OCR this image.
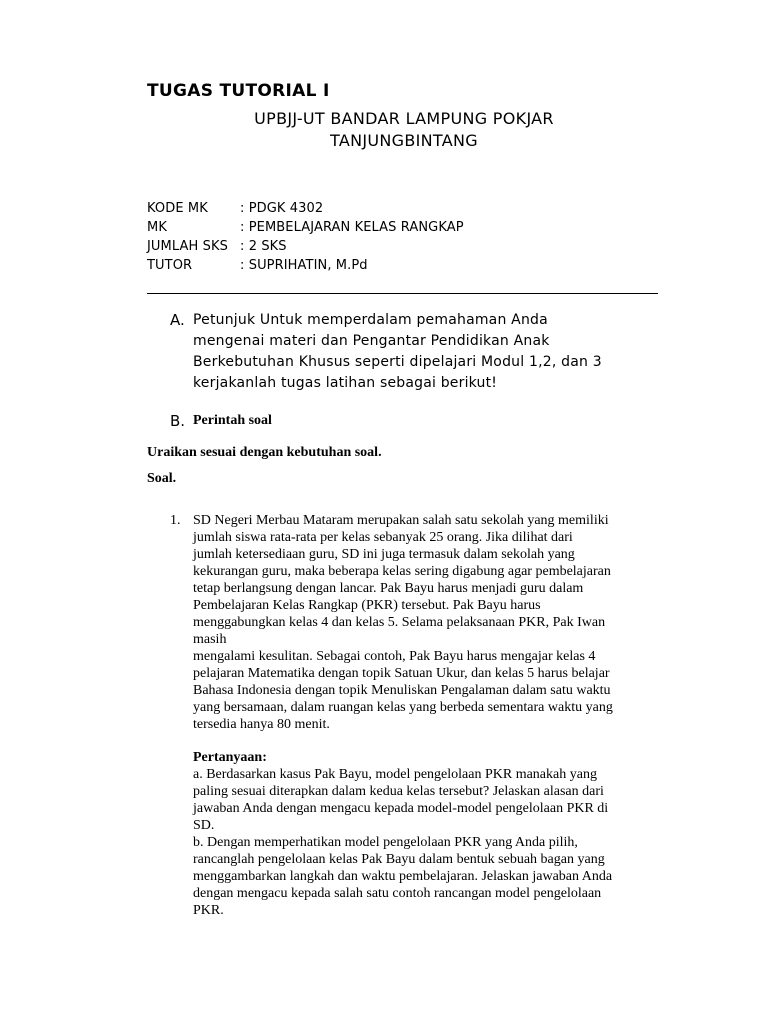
TUGAS TUTORIAL I
UPBJJ-UT BANDAR LAMPUNG POKJAR
TANJUNGBINTANG
KODE MK : PDGK 4302
MK	: PEMBELAJARAN KELAS RANGKAP
JUMLAH SKS : 2 SKS
TUTOR	: SUPRIHATIN, M.Pd
A. Petunjuk Untuk memperdalam pemahaman Anda
mengenai materi dan Pengantar Pendidikan Anak
Berkebutuhan Khusus seperti dipelajari Modul 1,2, dan 3
kerjakanlah tugas latihan sebagai berikut!
B. Perintah soal
Uraikan sesuai dengan kebutuhan soal.
Soal.
1. SD Negeri Merbau Mataram merupakan salah satu sekolah yang memiliki
jumlah siswa rata-rata per kelas sebanyak 25 orang. Jika dilihat dari
jumlah ketersediaan guru, SD ini juga termasuk dalam sekolah yang
kekurangan guru, maka beberapa kelas sering digabung agar pembelajaran
tetap berlangsung dengan lancar. Pak Bayu harus menjadi guru dalam
Pembelajaran Kelas Rangkap (PKR) tersebut. Pak Bayu harus
menggabungkan kelas 4 dan kelas 5. Selama pelaksanaan PKR, Pak Iwan
masih
mengalami kesulitan. Sebagai contoh, Pak Bayu harus mengajar kelas 4
pelajaran Matematika dengan topik Satuan Ukur, dan kelas 5 harus belajar
Bahasa Indonesia dengan topik Menuliskan Pengalaman dalam satu waktu
yang bersamaan, dalam ruangan kelas yang berbeda sementara waktu yang
tersedia hanya 80 menit.
Pertanyaan:
a. Berdasarkan kasus Pak Bayu, model pengelolaan PKR manakah yang
paling sesuai diterapkan dalam kedua kelas tersebut? Jelaskan alasan dari
jawaban Anda dengan mengacu kepada model-model pengelolaan PKR di
SD.
b. Dengan memperhatikan model pengelolaan PKR yang Anda pilih,
rancanglah pengelolaan kelas Pak Bayu dalam bentuk sebuah bagan yang
menggambarkan langkah dan waktu pembelajaran. Jelaskan jawaban Anda
dengan mengacu kepada salah satu contoh rancangan model pengelolaan
PKR.
